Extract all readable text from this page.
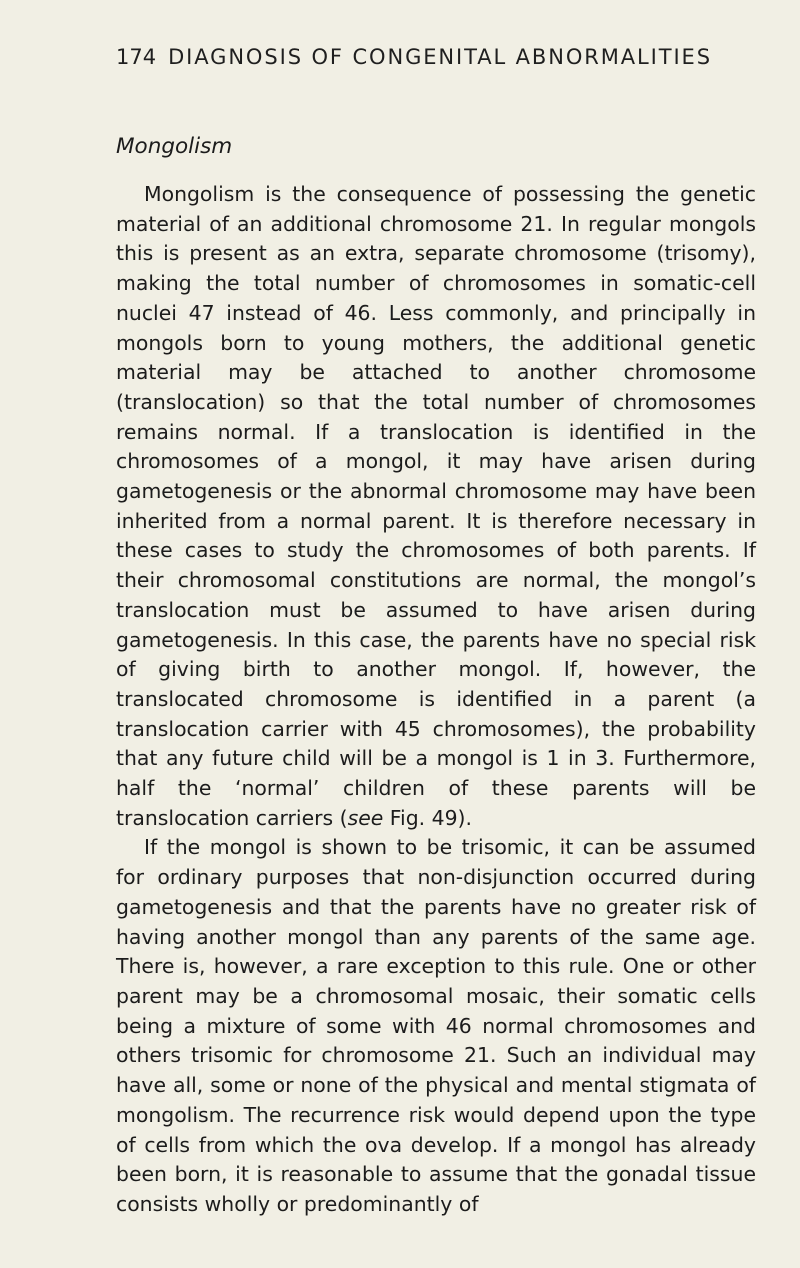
174 DIAGNOSIS OF CONGENITAL ABNORMALITIES
Mongolism

Mongolism is the consequence of possessing the genetic material of an additional chromosome 21. In regular mongols this is present as an extra, separate chromosome (trisomy), making the total number of chromosomes in somatic-cell nuclei 47 instead of 46. Less commonly, and principally in mongols born to young mothers, the additional genetic material may be attached to another chromosome (translocation) so that the total number of chromosomes remains normal. If a translocation is identified in the chromosomes of a mongol, it may have arisen during gametogenesis or the abnormal chromosome may have been inherited from a normal parent. It is therefore necessary in these cases to study the chromosomes of both parents. If their chromosomal constitutions are normal, the mongol’s translocation must be assumed to have arisen during gametogenesis. In this case, the parents have no special risk of giving birth to another mongol. If, however, the translocated chromosome is identified in a parent (a translocation carrier with 45 chromosomes), the probability that any future child will be a mongol is 1 in 3. Furthermore, half the ‘normal’ children of these parents will be translocation carriers (see Fig. 49).

If the mongol is shown to be trisomic, it can be assumed for ordinary purposes that non-disjunction occurred during gametogenesis and that the parents have no greater risk of having another mongol than any parents of the same age. There is, however, a rare exception to this rule. One or other parent may be a chromosomal mosaic, their somatic cells being a mixture of some with 46 normal chromosomes and others trisomic for chromosome 21. Such an individual may have all, some or none of the physical and mental stigmata of mongolism. The recurrence risk would depend upon the type of cells from which the ova develop. If a mongol has already been born, it is reasonable to assume that the gonadal tissue consists wholly or predominantly of
